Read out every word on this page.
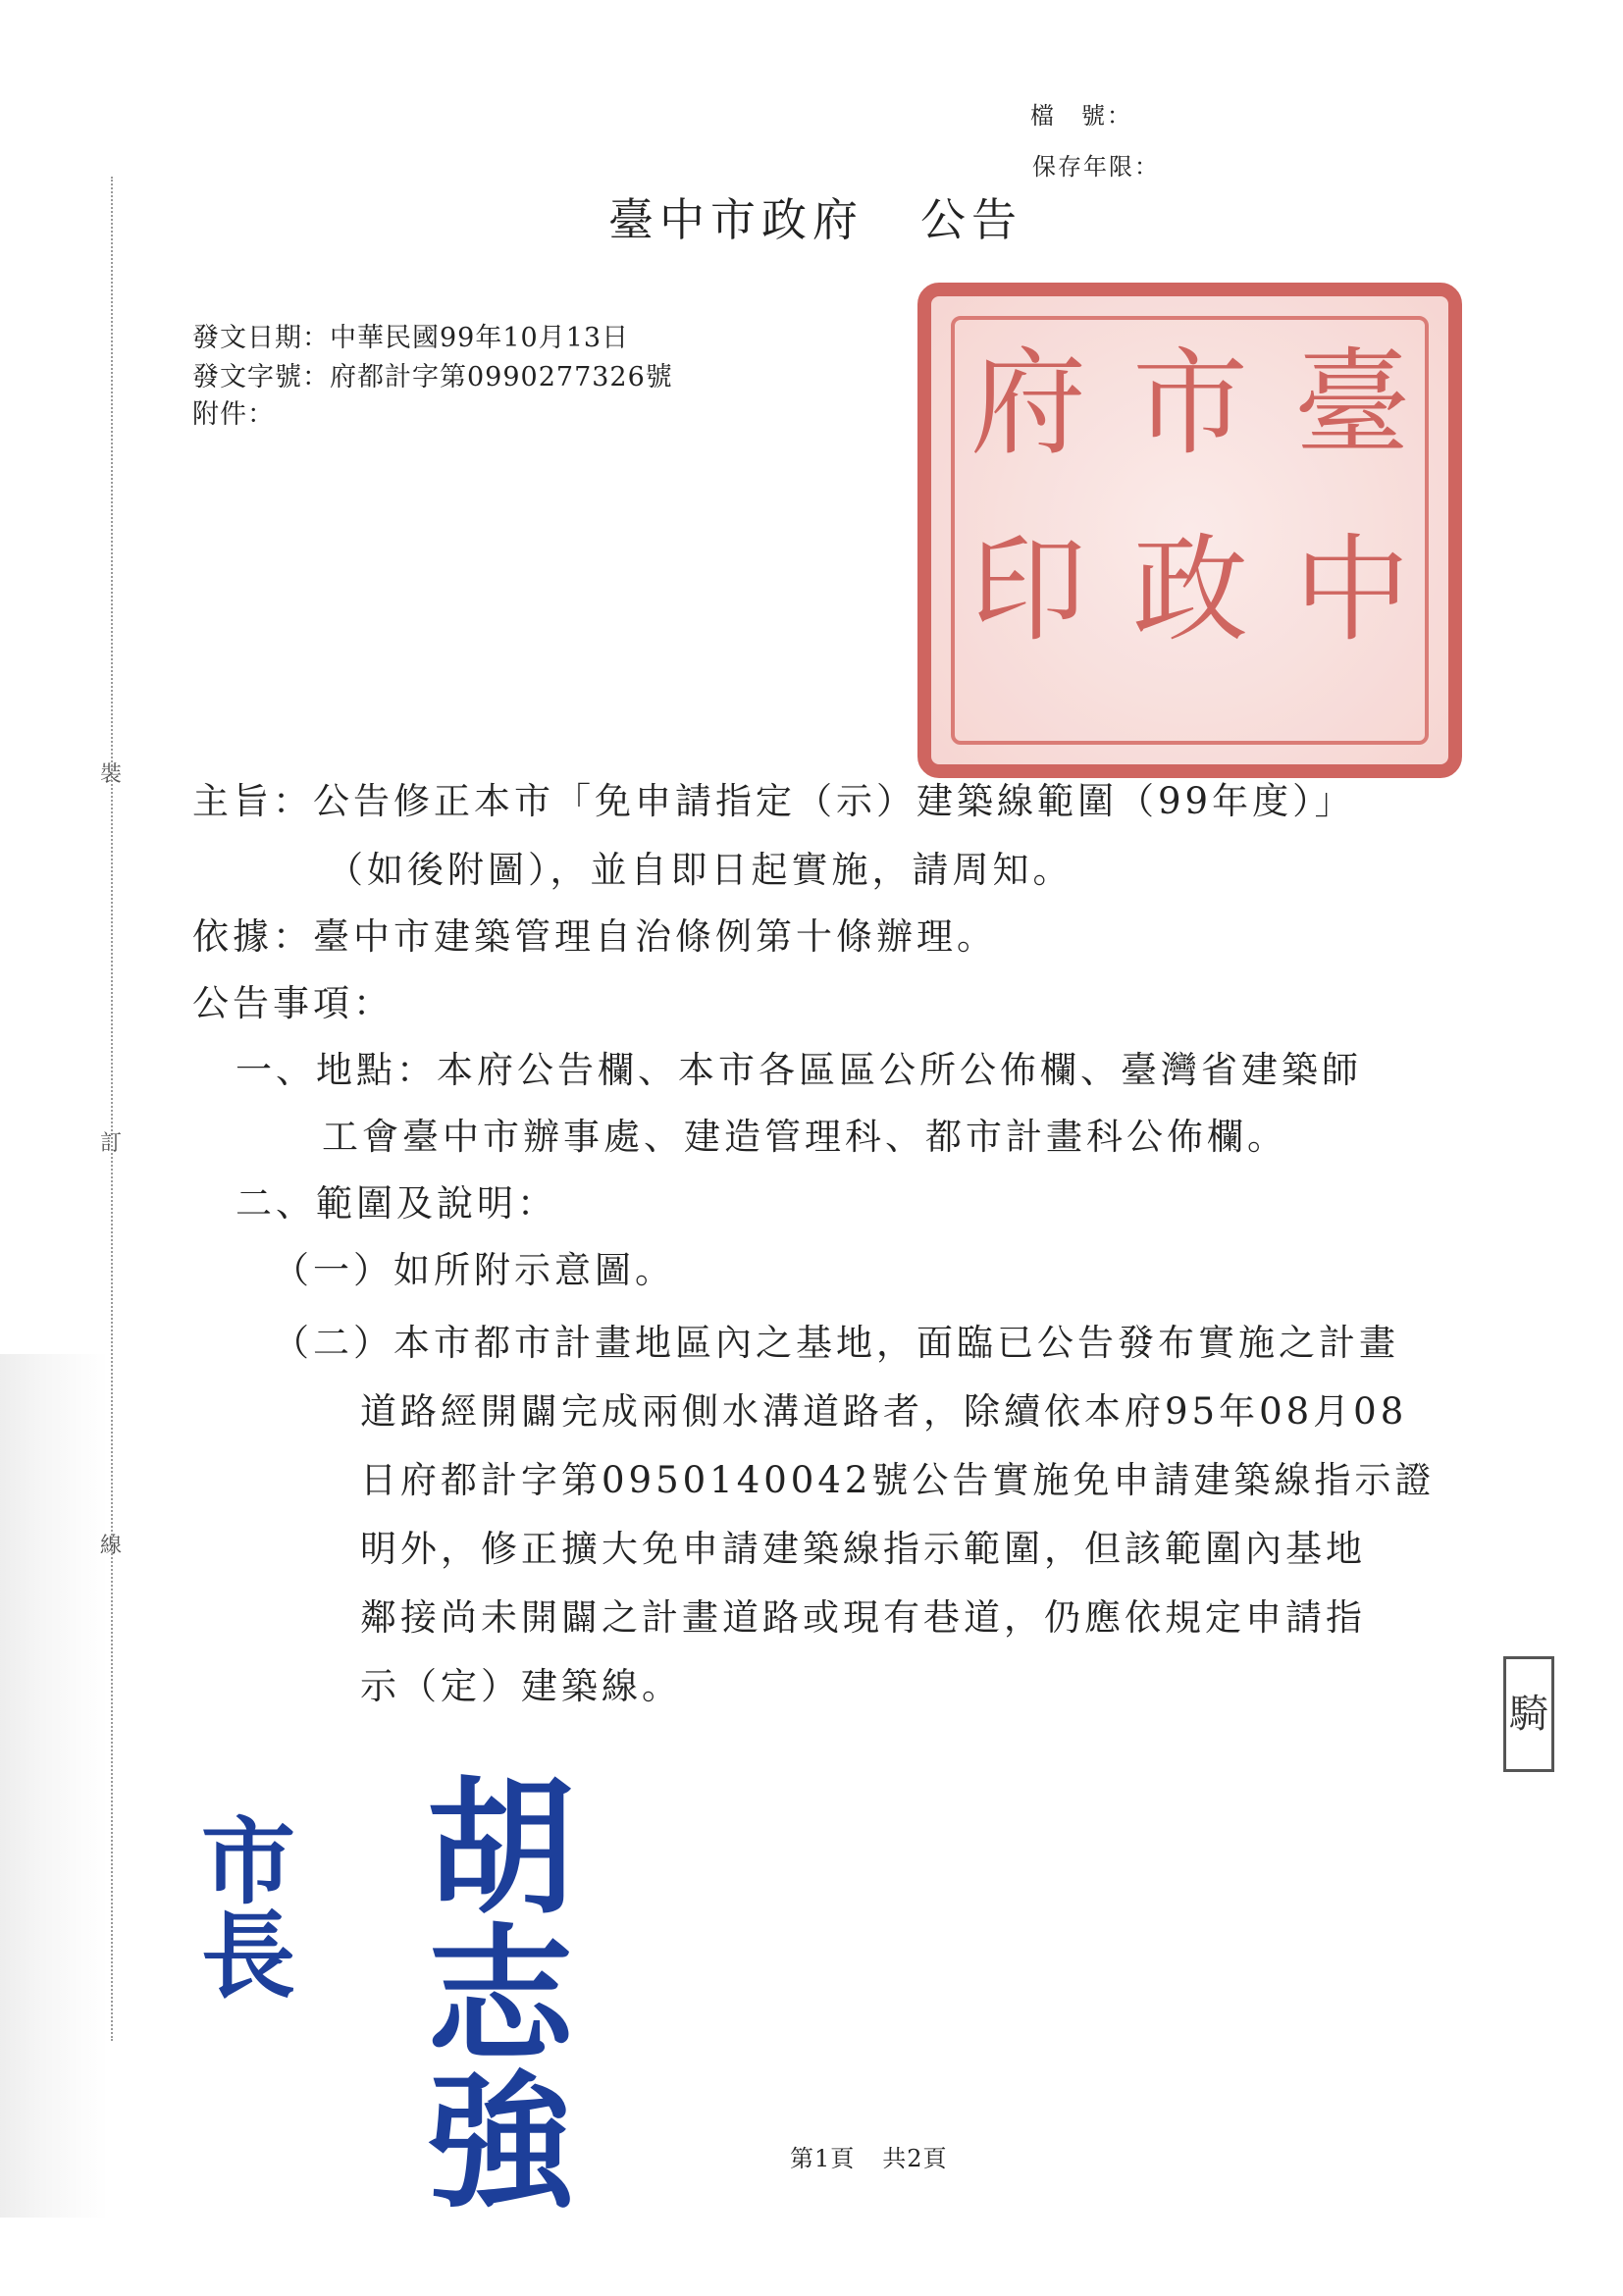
裝
訂
線
檔　號：
保存年限：
臺中市政府 公告
發文日期：中華民國99年10月13日
發文字號：府都計字第0990277326號
附件：	臺
中
市
政
府
印
主旨：公告修正本市「免申請指定（示）建築線範圍（99年度）」
（如後附圖），並自即日起實施，請周知。
依據：臺中市建築管理自治條例第十條辦理。
公告事項：
一、地點：本府公告欄、本市各區區公所公佈欄、臺灣省建築師
工會臺中市辦事處、建造管理科、都市計畫科公佈欄。
二、範圍及說明：
（一）如所附示意圖。
（二）本市都市計畫地區內之基地，面臨已公告發布實施之計畫
道路經開闢完成兩側水溝道路者，除續依本府95年08月08
日府都計字第0950140042號公告實施免申請建築線指示證
明外，修正擴大免申請建築線指示範圍，但該範圍內基地
鄰接尚未開闢之計畫道路或現有巷道，仍應依規定申請指
示（定）建築線。
騎
市長
胡志強	第1頁 共2頁
